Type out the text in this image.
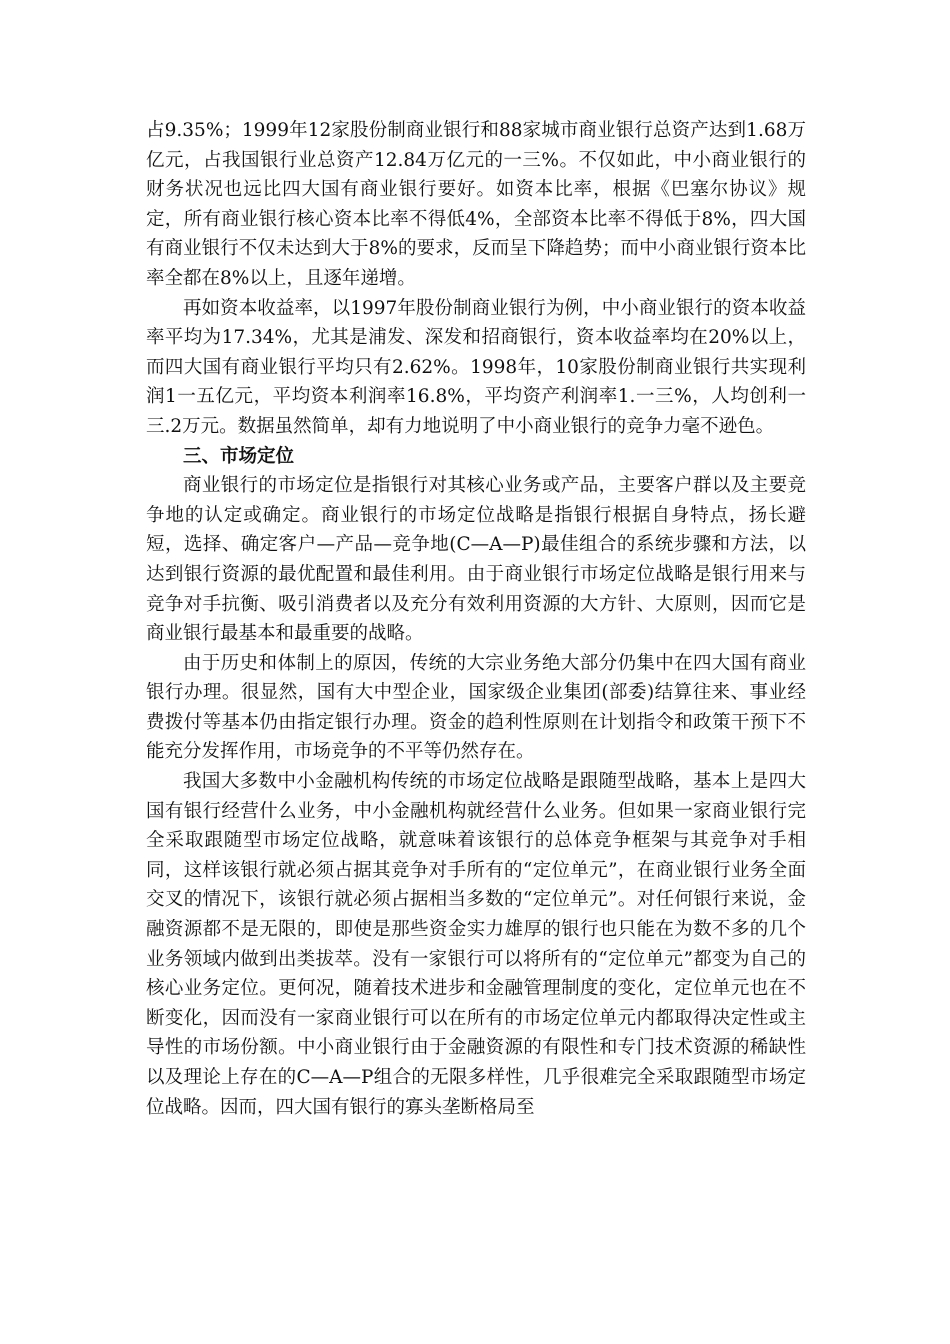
占9.35%；1999年12家股份制商业银行和88家城市商业银行总资产达到1.68万亿元，占我国银行业总资产12.84万亿元的一三%。不仅如此，中小商业银行的财务状况也远比四大国有商业银行要好。如资本比率，根据《巴塞尔协议》规定，所有商业银行核心资本比率不得低4%，全部资本比率不得低于8%，四大国有商业银行不仅未达到大于8%的要求，反而呈下降趋势；而中小商业银行资本比率全都在8%以上，且逐年递增。

再如资本收益率，以1997年股份制商业银行为例，中小商业银行的资本收益率平均为17.34%，尤其是浦发、深发和招商银行，资本收益率均在20%以上，而四大国有商业银行平均只有2.62%。1998年，10家股份制商业银行共实现利润1一五亿元，平均资本利润率16.8%，平均资产利润率1.一三%，人均创利一三.2万元。数据虽然简单，却有力地说明了中小商业银行的竞争力毫不逊色。

三、市场定位

商业银行的市场定位是指银行对其核心业务或产品，主要客户群以及主要竞争地的认定或确定。商业银行的市场定位战略是指银行根据自身特点，扬长避短，选择、确定客户—产品—竞争地(C—A—P)最佳组合的系统步骤和方法，以达到银行资源的最优配置和最佳利用。由于商业银行市场定位战略是银行用来与竞争对手抗衡、吸引消费者以及充分有效利用资源的大方针、大原则，因而它是商业银行最基本和最重要的战略。

由于历史和体制上的原因，传统的大宗业务绝大部分仍集中在四大国有商业银行办理。很显然，国有大中型企业，国家级企业集团(部委)结算往来、事业经费拨付等基本仍由指定银行办理。资金的趋利性原则在计划指令和政策干预下不能充分发挥作用，市场竞争的不平等仍然存在。

我国大多数中小金融机构传统的市场定位战略是跟随型战略，基本上是四大国有银行经营什么业务，中小金融机构就经营什么业务。但如果一家商业银行完全采取跟随型市场定位战略，就意味着该银行的总体竞争框架与其竞争对手相同，这样该银行就必须占据其竞争对手所有的“定位单元”，在商业银行业务全面交叉的情况下，该银行就必须占据相当多数的“定位单元”。对任何银行来说，金融资源都不是无限的，即使是那些资金实力雄厚的银行也只能在为数不多的几个业务领域内做到出类拔萃。没有一家银行可以将所有的“定位单元”都变为自己的核心业务定位。更何况，随着技术进步和金融管理制度的变化，定位单元也在不断变化，因而没有一家商业银行可以在所有的市场定位单元内都取得决定性或主导性的市场份额。中小商业银行由于金融资源的有限性和专门技术资源的稀缺性以及理论上存在的C—A—P组合的无限多样性，几乎很难完全采取跟随型市场定位战略。因而，四大国有银行的寡头垄断格局至
